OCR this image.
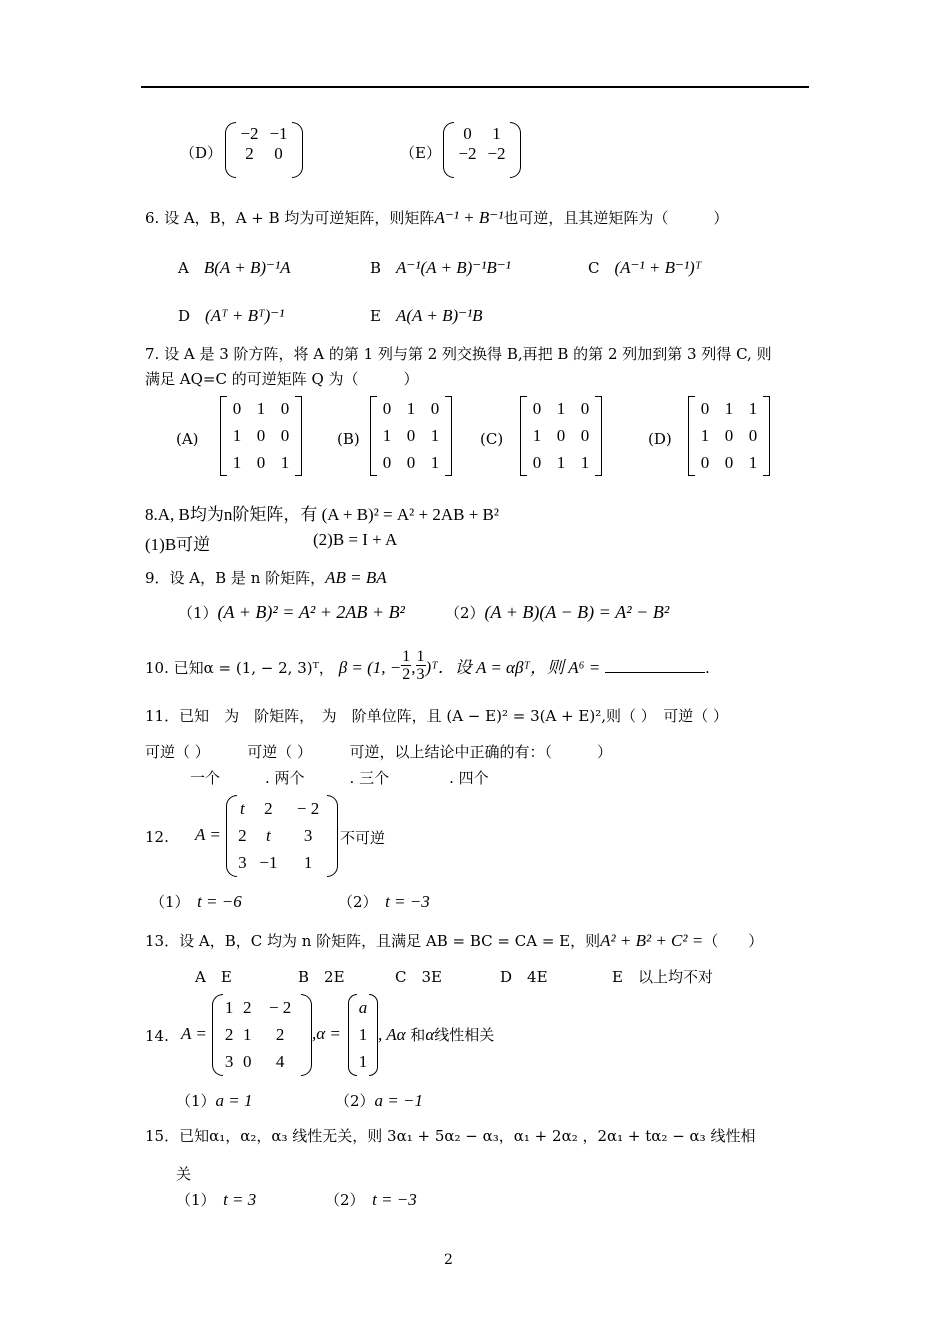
（D）
−2	−1
2	0	（E）
0	1
−2	−2
6. 设 A，B，A + B 均为可逆矩阵，则矩阵A⁻¹ + B⁻¹也可逆，且其逆矩阵为（　　　）
A　 B(A + B)⁻¹A	B　 A⁻¹(A + B)⁻¹B⁻¹	C　 (A⁻¹ + B⁻¹)ᵀ
D　 (Aᵀ + Bᵀ)⁻¹	E　 A(A + B)⁻¹B
7. 设 A 是 3 阶方阵，将 A 的第 1 列与第 2 列交换得 B,再把 B 的第 2 列加到第 3 列得 C, 则
满足 AQ=C 的可逆矩阵 Q 为（　　　）
(A)
0	1	0
1	0	0
1	0	1
(B)
0	1	0
1	0	1
0	0	1
(C)
0	1	0
1	0	0
0	1	1
(D)
0	1	1
1	0	0
0	0	1
8.A, B均为n阶矩阵，有 (A + B)² = A² + 2AB + B²
(1)B可逆	(2)B = I + A
9．设 A，B 是 n 阶矩阵，AB = BA
（1）(A + B)² = A² + 2AB + B²	（2）(A + B)(A − B) = A² − B²
10. 已知α = (1, − 2, 3)ᵀ， β = (1, − $\frac{1}{2}$ , $\frac{1}{3}$ )ᵀ．设 A = αβᵀ，则 A⁶ =	.
11．已知　为　阶矩阵，　为　阶单位阵，且 (A − E)² = 3(A + E)²,则（ ）　可逆（ ）
可逆（ ）　　　可逆（ ）　　　可逆，以上结论中正确的有：（　　　）
一个　　　. 两个　　　. 三个　　　　. 四个
12. A =
t	2	− 2
2	t	3
3	−1	1
不可逆
（1）　 t = −6	（2）　 t = −3
13．设 A，B，C 均为 n 阶矩阵，且满足 AB = BC = CA = E，则A² + B² + C² =（　　）
A　E	B　2E	C　3E	D　4E	E　以上均不对
14. A =
1	2	− 2
2	1	2
3	0	4
,α =
a
1
1
, Aα 和α线性相关
（1）a = 1	（2）a = −1
15．已知α₁，α₂，α₃ 线性无关，则 3α₁ + 5α₂ − α₃，α₁ + 2α₂ ，2α₁ + tα₂ − α₃ 线性相
关
（1）　 t = 3	（2）　 t = −3
2
